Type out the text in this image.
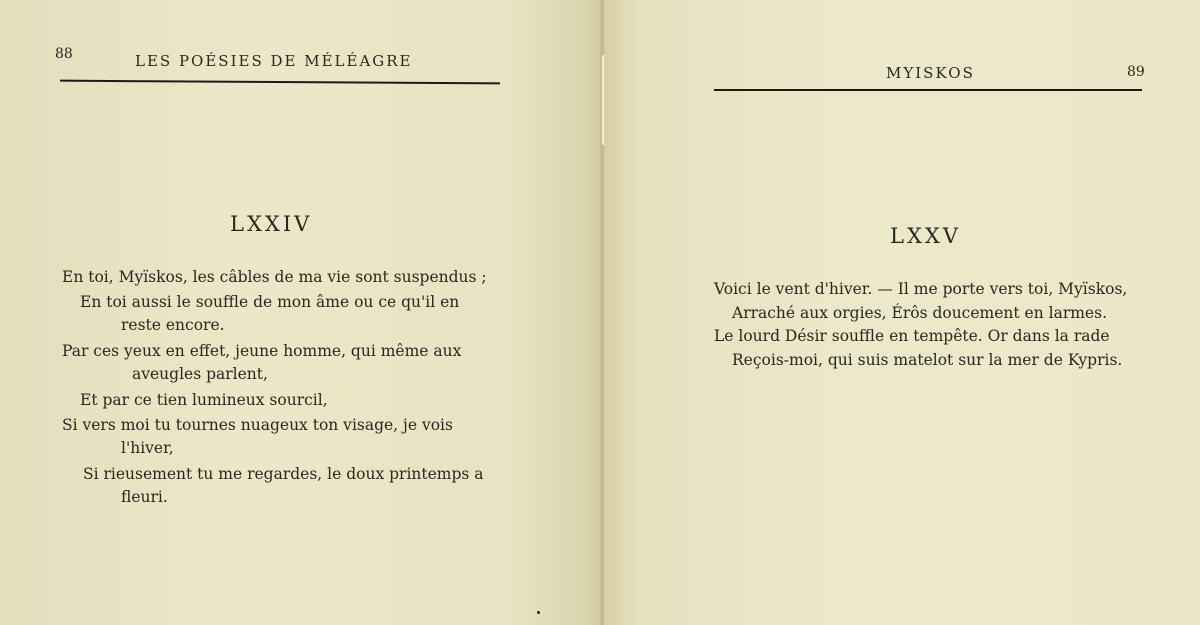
88	LES POÉSIES DE MÉLÉAGRE
LXXIV
En toi, Myïskos, les câbles de ma vie sont suspendus ;
En toi aussi le souffle de mon âme ou ce qu'il en
reste encore.
Par ces yeux en effet, jeune homme, qui même aux
aveugles parlent,
Et par ce tien lumineux sourcil,
Si vers moi tu tournes nuageux ton visage, je vois
l'hiver,
Si rieusement tu me regardes, le doux printemps a
fleuri.
MYISKOS	89
LXXV
Voici le vent d'hiver. — Il me porte vers toi, Myïskos,
Arraché aux orgies, Érôs doucement en larmes.
Le lourd Désir souffle en tempête. Or dans la rade
Reçois-moi, qui suis matelot sur la mer de Kypris.
